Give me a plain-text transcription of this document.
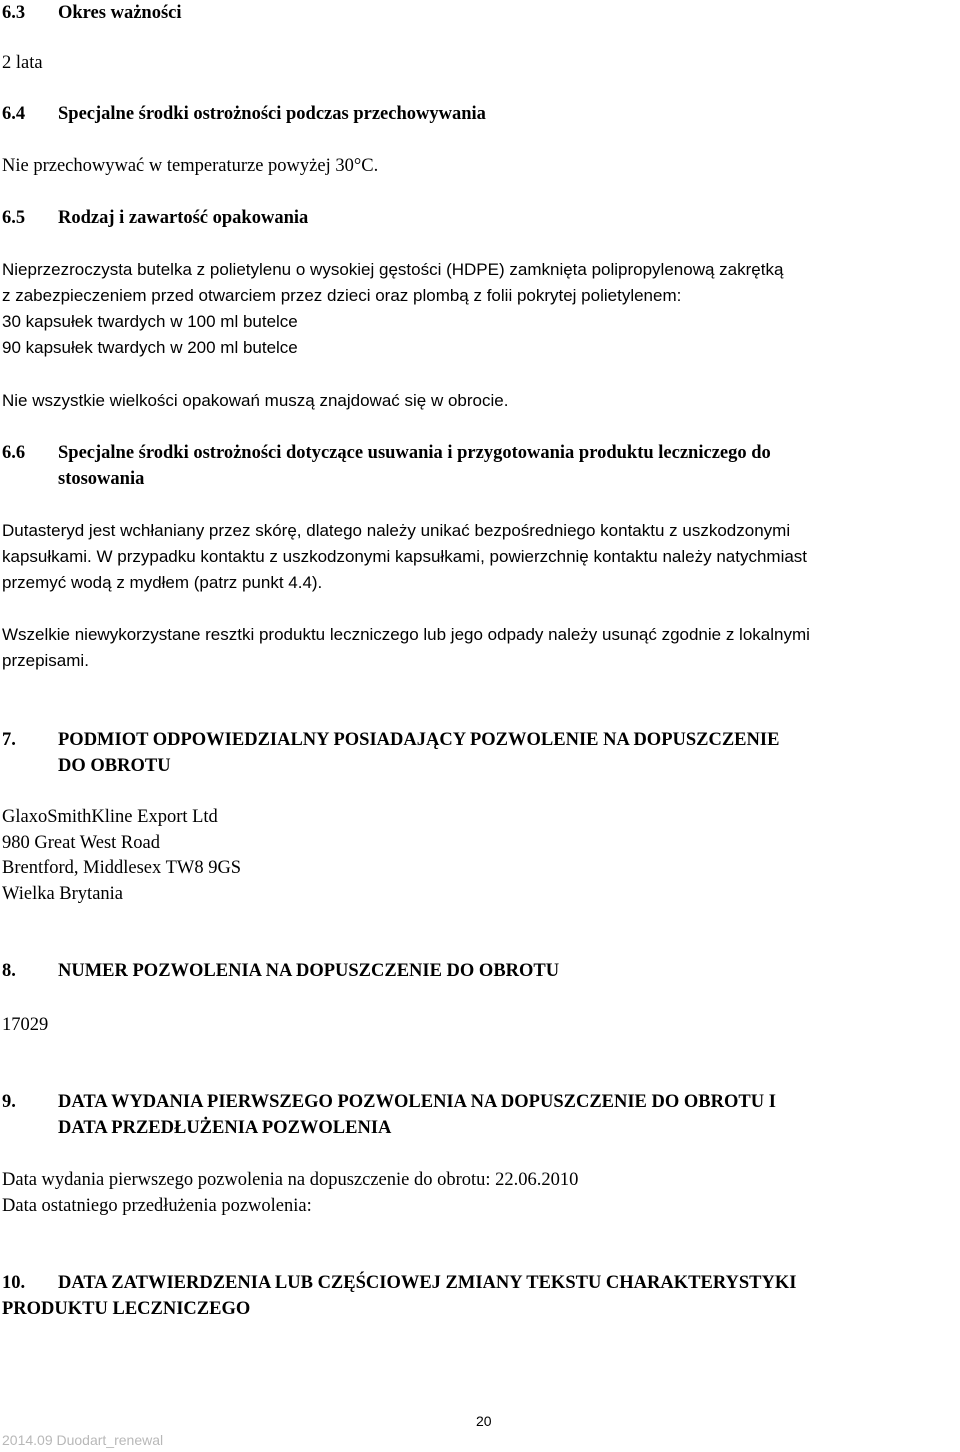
6.3 Okres ważności
2 lata
6.4 Specjalne środki ostrożności podczas przechowywania
Nie przechowywać w temperaturze powyżej 30°C.
6.5 Rodzaj i zawartość opakowania
Nieprzezroczysta butelka z polietylenu o wysokiej gęstości (HDPE) zamknięta polipropylenową zakrętką
z zabezpieczeniem przed otwarciem przez dzieci oraz plombą z folii pokrytej polietylenem:
30 kapsułek twardych w 100 ml butelce
90 kapsułek twardych w 200 ml butelce
Nie wszystkie wielkości opakowań muszą znajdować się w obrocie.
6.6 Specjalne środki ostrożności dotyczące usuwania i przygotowania produktu leczniczego do
stosowania
Dutasteryd jest wchłaniany przez skórę, dlatego należy unikać bezpośredniego kontaktu z uszkodzonymi
kapsułkami. W przypadku kontaktu z uszkodzonymi kapsułkami, powierzchnię kontaktu należy natychmiast
przemyć wodą z mydłem (patrz punkt 4.4).
Wszelkie niewykorzystane resztki produktu leczniczego lub jego odpady należy usunąć zgodnie z lokalnymi
przepisami.
7. PODMIOT ODPOWIEDZIALNY POSIADAJĄCY POZWOLENIE NA DOPUSZCZENIE
DO OBROTU
GlaxoSmithKline Export Ltd
980 Great West Road
Brentford, Middlesex TW8 9GS
Wielka Brytania
8. NUMER POZWOLENIA NA DOPUSZCZENIE DO OBROTU
17029
9. DATA WYDANIA PIERWSZEGO POZWOLENIA NA DOPUSZCZENIE DO OBROTU I
DATA PRZEDŁUŻENIA POZWOLENIA
Data wydania pierwszego pozwolenia na dopuszczenie do obrotu: 22.06.2010
Data ostatniego przedłużenia pozwolenia:
10. DATA ZATWIERDZENIA LUB CZĘŚCIOWEJ ZMIANY TEKSTU CHARAKTERYSTYKI
PRODUKTU LECZNICZEGO
20
2014.09 Duodart_renewal
